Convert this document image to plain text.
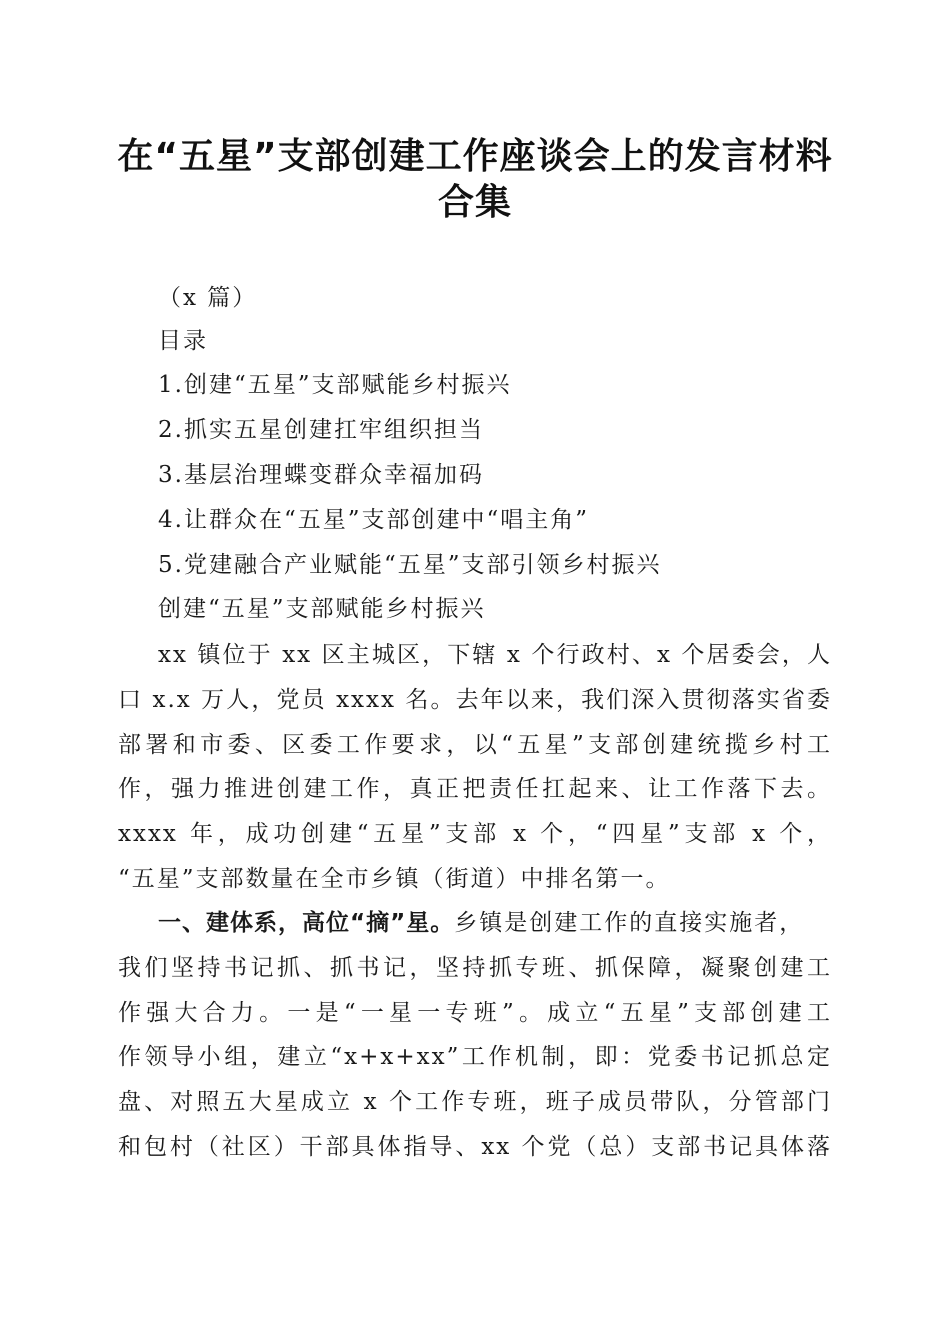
在“五星”支部创建工作座谈会上的发言材料
合集
（x 篇）
目录
1.创建“五星”支部赋能乡村振兴
2.抓实五星创建扛牢组织担当
3.基层治理蝶变群众幸福加码
4.让群众在“五星”支部创建中“唱主角”
5.党建融合产业赋能“五星”支部引领乡村振兴
创建“五星”支部赋能乡村振兴
xx 镇位于 xx 区主城区，下辖 x 个行政村、x 个居委会，人
口 x.x 万人，党员 xxxx 名。去年以来，我们深入贯彻落实省委
部署和市委、区委工作要求，以“五星”支部创建统揽乡村工
作，强力推进创建工作，真正把责任扛起来、让工作落下去。
xxxx 年，成功创建“五星”支部 x 个，“四星”支部 x 个，
“五星”支部数量在全市乡镇（街道）中排名第一。
一、建体系，高位“摘”星。乡镇是创建工作的直接实施者，
我们坚持书记抓、抓书记，坚持抓专班、抓保障，凝聚创建工
作强大合力。一是“一星一专班”。成立“五星”支部创建工
作领导小组，建立“x+x+xx”工作机制，即：党委书记抓总定
盘、对照五大星成立 x 个工作专班，班子成员带队，分管部门
和包村（社区）干部具体指导、xx 个党（总）支部书记具体落
